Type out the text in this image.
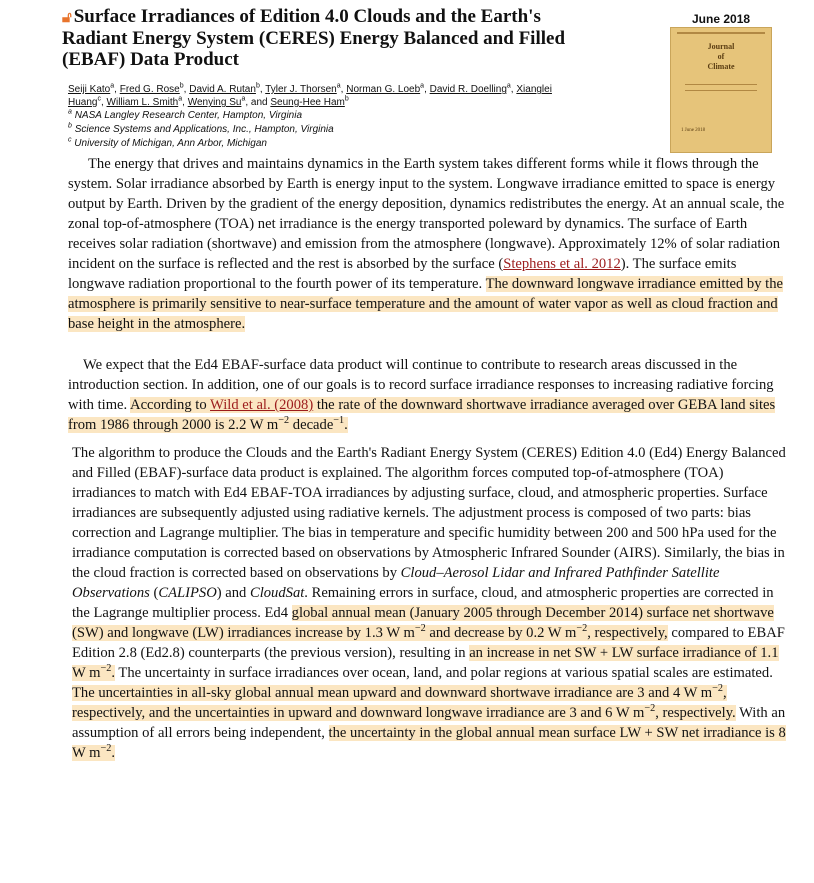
🔓︎ Surface Irradiances of Edition 4.0 Clouds and the Earth's Radiant Energy System (CERES) Energy Balanced and Filled (EBAF) Data Product
June 2018
Journal
of
Climate
1 June 2018
Seiji Kato$^a$, Fred G. Rose$^b$, David A. Rutan$^b$, Tyler J. Thorsen$^a$, Norman G. Loeb$^a$, David R. Doelling$^a$, Xianglei Huang$^c$, William L. Smith$^a$, Wenying Su$^a$, and Seung-Hee Ham$^b$
$^a$ NASA Langley Research Center, Hampton, Virginia
$^b$ Science Systems and Applications, Inc., Hampton, Virginia
$^c$ University of Michigan, Ann Arbor, Michigan

The energy that drives and maintains dynamics in the Earth system takes different forms while it flows through the system. Solar irradiance absorbed by Earth is energy input to the system. Longwave irradiance emitted to space is energy output by Earth. Driven by the gradient of the energy deposition, dynamics redistributes the energy. At an annual scale, the zonal top-of-atmosphere (TOA) net irradiance is the energy transported poleward by dynamics. The surface of Earth receives solar radiation (shortwave) and emission from the atmosphere (longwave). Approximately 12% of solar radiation incident on the surface is reflected and the rest is absorbed by the surface (Stephens et al. 2012). The surface emits longwave radiation proportional to the fourth power of its temperature. The downward longwave irradiance emitted by the atmosphere is primarily sensitive to near-surface temperature and the amount of water vapor as well as cloud fraction and base height in the atmosphere.

We expect that the Ed4 EBAF-surface data product will continue to contribute to research areas discussed in the introduction section. In addition, one of our goals is to record surface irradiance responses to increasing radiative forcing with time. According to Wild et al. (2008) the rate of the downward shortwave irradiance averaged over GEBA land sites from 1986 through 2000 is 2.2 W $m^{-2}$ decade$^{-1}$.

The algorithm to produce the Clouds and the Earth's Radiant Energy System (CERES) Edition 4.0 (Ed4) Energy Balanced and Filled (EBAF)-surface data product is explained. The algorithm forces computed top-of-atmosphere (TOA) irradiances to match with Ed4 EBAF-TOA irradiances by adjusting surface, cloud, and atmospheric properties. Surface irradiances are subsequently adjusted using radiative kernels. The adjustment process is composed of two parts: bias correction and Lagrange multiplier. The bias in temperature and specific humidity between 200 and 500 hPa used for the irradiance computation is corrected based on observations by Atmospheric Infrared Sounder (AIRS). Similarly, the bias in the cloud fraction is corrected based on observations by Cloud–Aerosol Lidar and Infrared Pathfinder Satellite Observations (CALIPSO) and CloudSat. Remaining errors in surface, cloud, and atmospheric properties are corrected in the Lagrange multiplier process. Ed4 global annual mean (January 2005 through December 2014) surface net shortwave (SW) and longwave (LW) irradiances increase by 1.3 W $m^{-2}$ and decrease by 0.2 W $m^{-2}$, respectively, compared to EBAF Edition 2.8 (Ed2.8) counterparts (the previous version), resulting in an increase in net SW + LW surface irradiance of 1.1 W $m^{-2}$. The uncertainty in surface irradiances over ocean, land, and polar regions at various spatial scales are estimated. The uncertainties in all-sky global annual mean upward and downward shortwave irradiance are 3 and 4 W $m^{-2}$, respectively, and the uncertainties in upward and downward longwave irradiance are 3 and 6 W $m^{-2}$, respectively. With an assumption of all errors being independent, the uncertainty in the global annual mean surface LW + SW net irradiance is 8 W $m^{-2}$.
